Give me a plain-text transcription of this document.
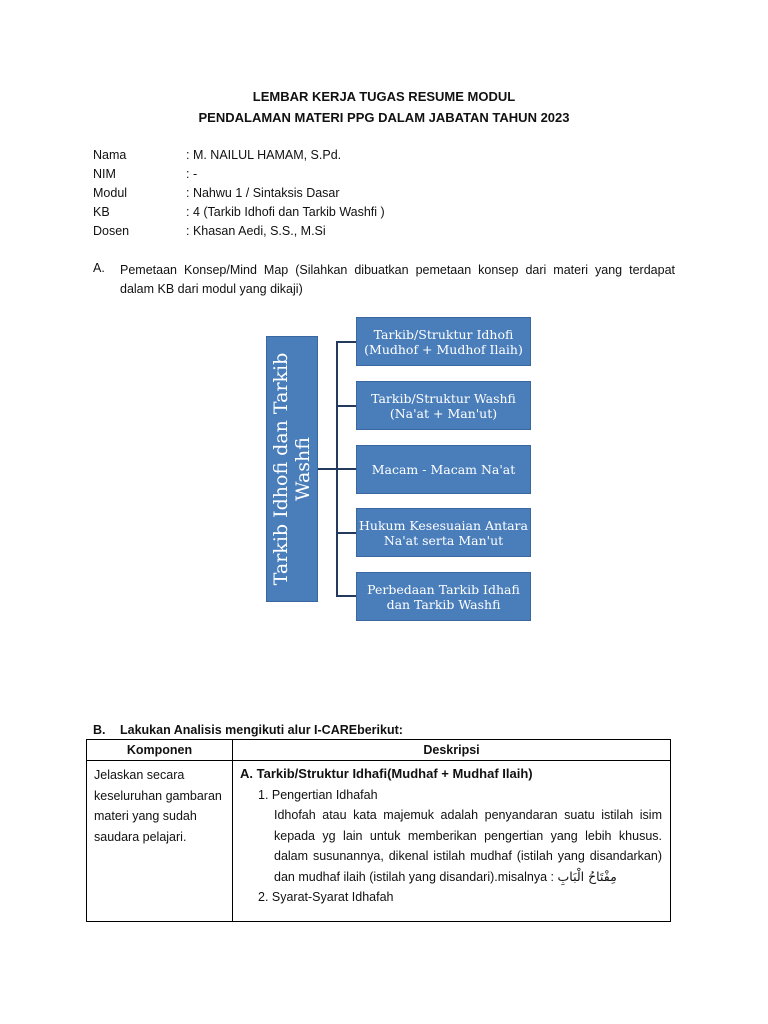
LEMBAR KERJA TUGAS RESUME MODUL
PENDALAMAN MATERI PPG DALAM JABATAN TAHUN 2023
Nama	: M. NAILUL HAMAM, S.Pd.
NIM	: -
Modul	: Nahwu 1 / Sintaksis Dasar
KB	: 4 (Tarkib Idhofi dan Tarkib Washfi )
Dosen	: Khasan Aedi, S.S., M.Si
A. Pemetaan Konsep/Mind Map (Silahkan dibuatkan pemetaan konsep dari materi yang terdapat dalam KB dari modul yang dikaji)
Tarkib Idhofi dan Tarkib Washfi
Tarkib/Struktur Idhofi (Mudhof + Mudhof Ilaih)
Tarkib/Struktur Washfi (Na'at + Man'ut)
Macam - Macam Na'at
Hukum Kesesuaian Antara Na'at serta Man'ut
Perbedaan Tarkib Idhafi dan Tarkib Washfi
B. Lakukan Analisis mengikuti alur I-CAREberikut:
Komponen	Deskripsi

Jelaskan secara keseluruhan gambaran materi yang sudah saudara pelajari.	A. Tarkib/Struktur Idhafi(Mudhaf + Mudhaf Ilaih)
1. Pengertian Idhafah
Idhofah atau kata majemuk adalah penyandaran suatu istilah isim kepada yg lain untuk memberikan pengertian yang lebih khusus. dalam susunannya, dikenal istilah mudhaf (istilah yang disandarkan) dan mudhaf ilaih (istilah yang disandari).misalnya : مِفْتَاحُ الْبَابِ
2. Syarat-Syarat Idhafah
